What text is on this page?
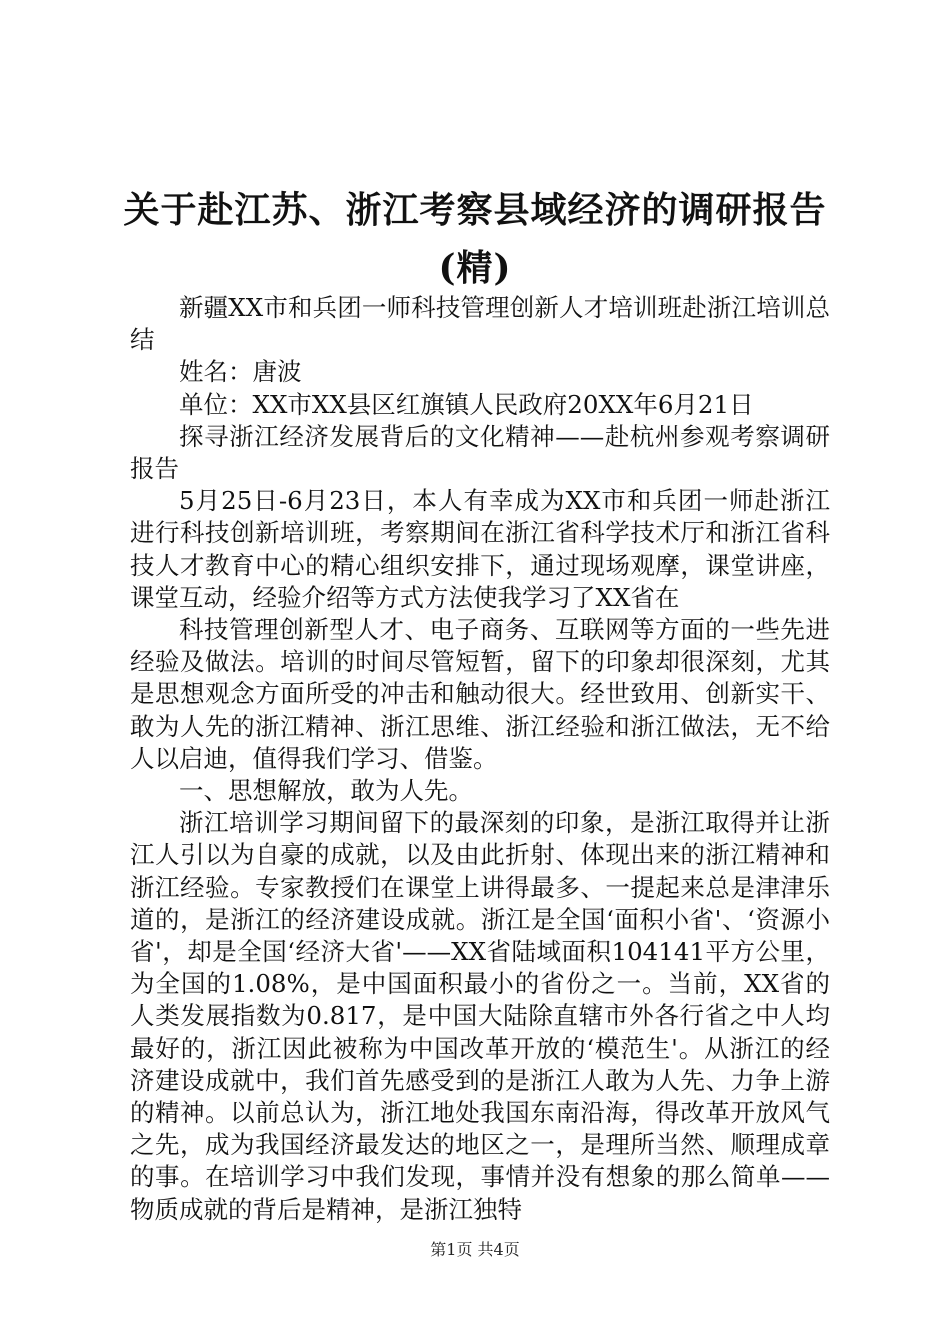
关于赴江苏、浙江考察县域经济的调研报告
(精)

新疆XX市和兵团一师科技管理创新人才培训班赴浙江培训总结

姓名：唐波

单位：XX市XX县区红旗镇人民政府20XX年6月21日

探寻浙江经济发展背后的文化精神——赴杭州参观考察调研报告

5月25日-6月23日，本人有幸成为XX市和兵团一师赴浙江进行科技创新培训班，考察期间在浙江省科学技术厅和浙江省科技人才教育中心的精心组织安排下，通过现场观摩，课堂讲座，课堂互动，经验介绍等方式方法使我学习了XX省在

科技管理创新型人才、电子商务、互联网等方面的一些先进经验及做法。培训的时间尽管短暂，留下的印象却很深刻，尤其是思想观念方面所受的冲击和触动很大。经世致用、创新实干、敢为人先的浙江精神、浙江思维、浙江经验和浙江做法，无不给人以启迪，值得我们学习、借鉴。

一、思想解放，敢为人先。

浙江培训学习期间留下的最深刻的印象，是浙江取得并让浙江人引以为自豪的成就，以及由此折射、体现出来的浙江精神和浙江经验。专家教授们在课堂上讲得最多、一提起来总是津津乐道的，是浙江的经济建设成就。浙江是全国‘面积小省'、‘资源小省'，却是全国‘经济大省'——XX省陆域面积104141平方公里，为全国的1.08%，是中国面积最小的省份之一。当前，XX省的人类发展指数为0.817，是中国大陆除直辖市外各行省之中人均最好的，浙江因此被称为中国改革开放的‘模范生'。从浙江的经济建设成就中，我们首先感受到的是浙江人敢为人先、力争上游的精神。以前总认为，浙江地处我国东南沿海，得改革开放风气之先，成为我国经济最发达的地区之一，是理所当然、顺理成章的事。在培训学习中我们发现，事情并没有想象的那么简单——物质成就的背后是精神，是浙江独特

第1页 共4页
